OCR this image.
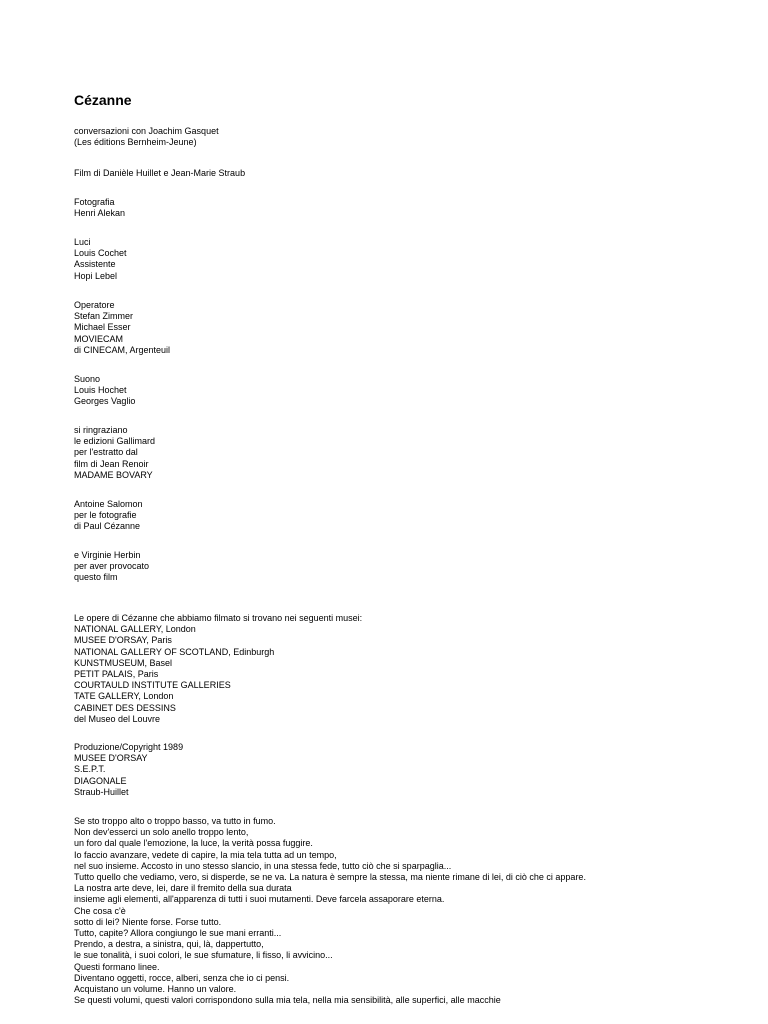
Cézanne
conversazioni con Joachim Gasquet
(Les éditions Bernheim-Jeune)
Film di Danièle Huillet e Jean-Marie Straub
Fotografia
Henri Alekan
Luci
Louis Cochet
Assistente
Hopi Lebel
Operatore
Stefan Zimmer
Michael Esser
MOVIECAM
di CINECAM, Argenteuil
Suono
Louis Hochet
Georges Vaglio
si ringraziano
le edizioni Gallimard
per l'estratto dal
film di Jean Renoir
MADAME BOVARY
Antoine Salomon
per le fotografie
di Paul Cézanne
e Virginie Herbin
per aver provocato
questo film
Le opere di Cézanne che abbiamo filmato si trovano nei seguenti musei:
NATIONAL GALLERY, London
MUSEE D'ORSAY, Paris
NATIONAL GALLERY OF SCOTLAND, Edinburgh
KUNSTMUSEUM, Basel
PETIT PALAIS, Paris
COURTAULD INSTITUTE GALLERIES
TATE GALLERY, London
CABINET DES DESSINS
del Museo del Louvre
Produzione/Copyright 1989
MUSEE D'ORSAY
S.E.P.T.
DIAGONALE
Straub-Huillet
Se sto troppo alto o troppo basso, va tutto in fumo.
Non dev'esserci un solo anello troppo lento,
un foro dal quale l'emozione, la luce, la verità possa fuggire.
Io faccio avanzare, vedete di capire, la mia tela tutta ad un tempo,
nel suo insieme. Accosto in uno stesso slancio, in una stessa fede, tutto ciò che si sparpaglia...
Tutto quello che vediamo, vero, si disperde, se ne va. La natura è sempre la stessa, ma niente rimane di lei, di ciò che ci appare.
La nostra arte deve, lei, dare il fremito della sua durata
insieme agli elementi, all'apparenza di tutti i suoi mutamenti. Deve farcela assaporare eterna.
Che cosa c'è
sotto di lei? Niente forse. Forse tutto.
Tutto, capite? Allora congiungo le sue mani erranti...
Prendo, a destra, a sinistra, qui, là, dappertutto,
le sue tonalità, i suoi colori, le sue sfumature, li fisso, li avvicino...
Questi formano linee.
Diventano oggetti, rocce, alberi, senza che io ci pensi.
Acquistano un volume. Hanno un valore.
Se questi volumi, questi valori corrispondono sulla mia tela, nella mia sensibilità, alle superfici, alle macchie
